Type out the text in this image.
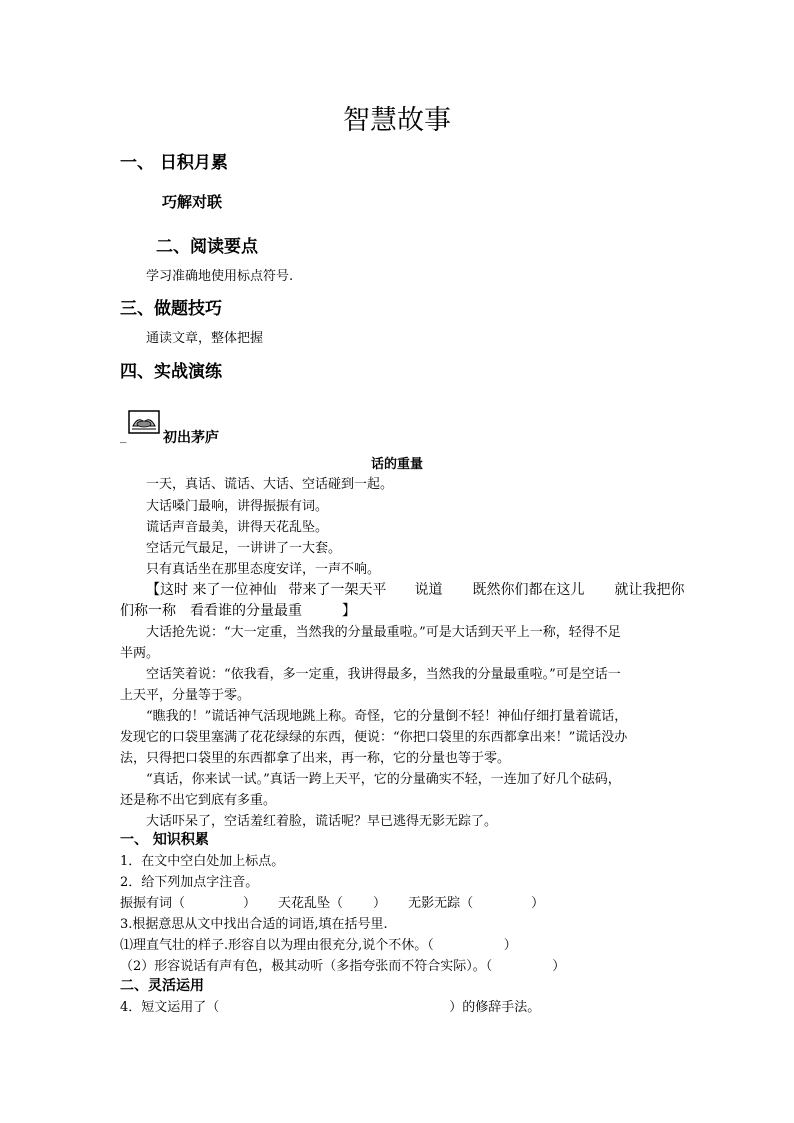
智慧故事
一、 日积月累
巧解对联
二、阅读要点
学习准确地使用标点符号.
三、做题技巧
通读文章，整体把握
四、实战演练
_	初出茅庐
话的重量
一天，真话、谎话、大话、空话碰到一起。
大话嗓门最响，讲得振振有词。
谎话声音最美，讲得天花乱坠。
空话元气最足，一讲讲了一大套。
只有真话坐在那里态度安详，一声不响。
【这时 来了一位神仙 带来了一架天平 说道 既然你们都在这儿 就让我把你
们称一称 看看谁的分量最重	】
大话抢先说：“大一定重，当然我的分量最重啦。”可是大话到天平上一称，轻得不足
半两。
空话笑着说：“依我看，多一定重，我讲得最多，当然我的分量最重啦。”可是空话一
上天平，分量等于零。
“瞧我的！”谎话神气活现地跳上称。奇怪，它的分量倒不轻！神仙仔细打量着谎话，
发现它的口袋里塞满了花花绿绿的东西，便说：“你把口袋里的东西都拿出来！”谎话没办
法，只得把口袋里的东西都拿了出来，再一称，它的分量也等于零。
“真话，你来试一试。”真话一跨上天平，它的分量确实不轻，一连加了好几个砝码，
还是称不出它到底有多重。
大话吓呆了，空话羞红着脸，谎话呢？早已逃得无影无踪了。
一、 知识积累
1．在文中空白处加上标点。
2．给下列加点字注音。
振振有词（	） 天花乱坠（ ） 无影无踪（	）
3.根据意思从文中找出合适的词语,填在括号里.
⑴理直气壮的样子.形容自以为理由很充分,说个不休。（	）
（2）形容说话有声有色，极其动听（多指夸张而不符合实际）。（	）
二、灵活运用
4．短文运用了（	）的修辞手法。
